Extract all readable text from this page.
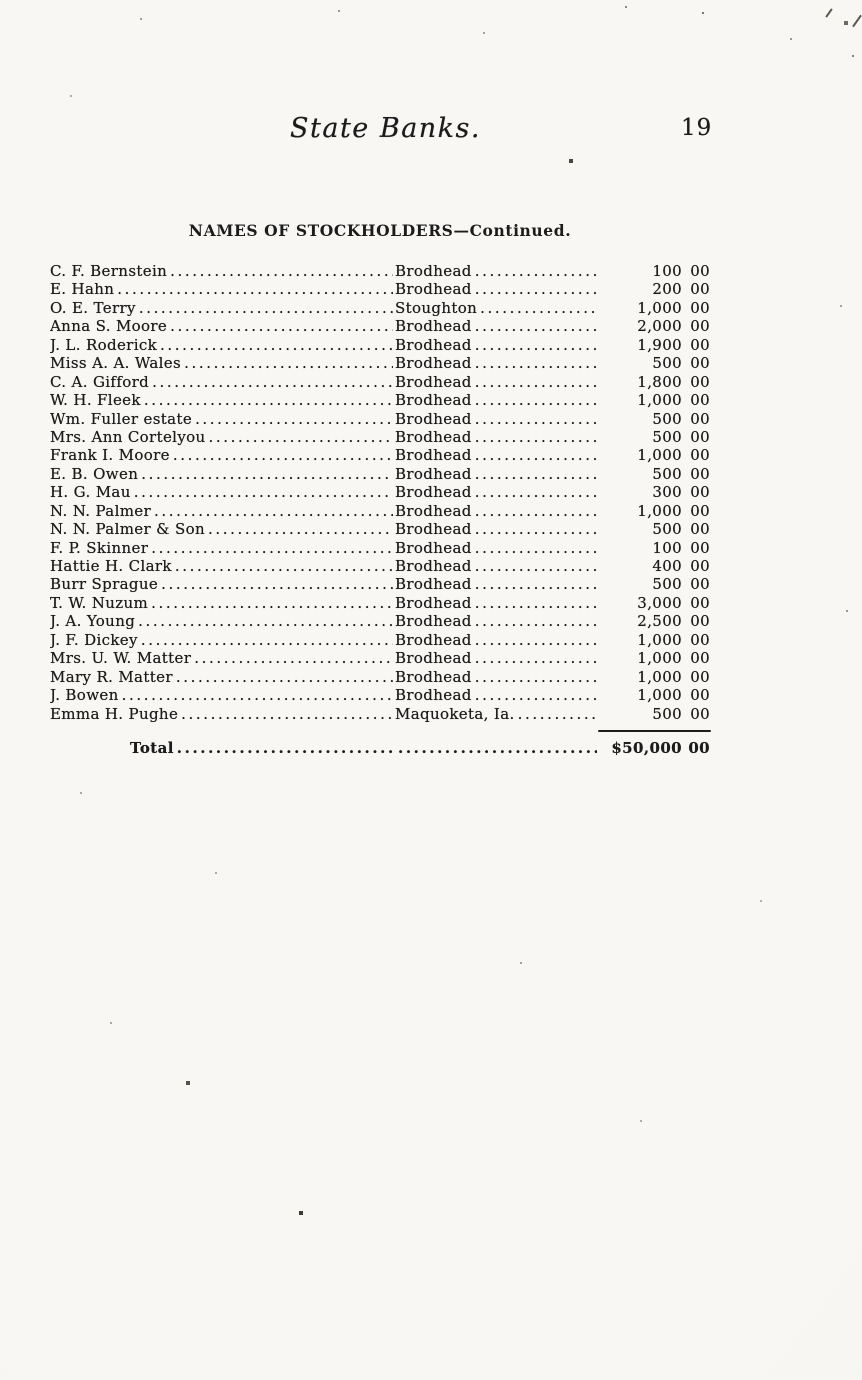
State Banks.	19
NAMES OF STOCKHOLDERS—Continued.
C. F. Bernstein .....	Brodhead .....	100 00
E. Hahn .....	Brodhead .....	200 00
O. E. Terry .....	Stoughton .....	1,000 00
Anna S. Moore .....	Brodhead .....	2,000 00
J. L. Roderick .....	Brodhead .....	1,900 00
Miss A. A. Wales .....	Brodhead .....	500 00
C. A. Gifford .....	Brodhead .....	1,800 00
W. H. Fleek .....	Brodhead .....	1,000 00
Wm. Fuller estate .....	Brodhead .....	500 00
Mrs. Ann Cortelyou .....	Brodhead .....	500 00
Frank I. Moore .....	Brodhead .....	1,000 00
E. B. Owen .....	Brodhead .....	500 00
H. G. Mau .....	Brodhead .....	300 00
N. N. Palmer .....	Brodhead .....	1,000 00
N. N. Palmer & Son .....	Brodhead .....	500 00
F. P. Skinner .....	Brodhead .....	100 00
Hattie H. Clark .....	Brodhead .....	400 00
Burr Sprague .....	Brodhead .....	500 00
T. W. Nuzum .....	Brodhead .....	3,000 00
J. A. Young .....	Brodhead .....	2,500 00
J. F. Dickey .....	Brodhead .....	1,000 00
Mrs. U. W. Matter .....	Brodhead .....	1,000 00
Mary R. Matter .....	Brodhead .....	1,000 00
J. Bowen .....	Brodhead .....	1,000 00
Emma H. Pughe .....	Maquoketa, Ia. .....	500 00
Total ..... .....	$50,000 00
